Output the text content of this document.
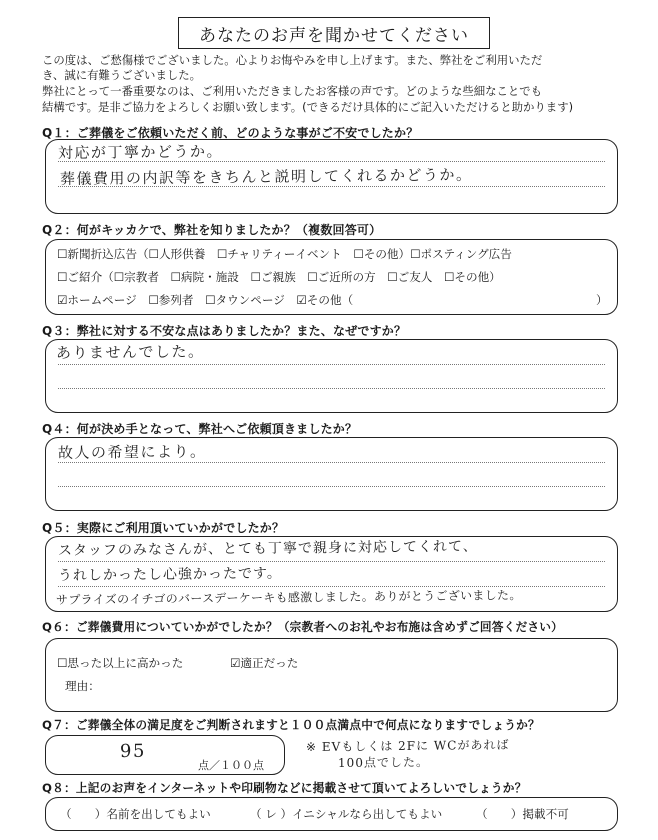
あなたのお声を聞かせてください
この度は、ご愁傷様でございました。心よりお悔やみを申し上げます。また、弊社をご利用いただ
き、誠に有難うございました。
弊社にとって一番重要なのは、ご利用いただきましたお客様の声です。どのような些細なことでも
結構です。是非ご協力をよろしくお願い致します。(できるだけ具体的にご記入いただけると助かります)
Q１：ご葬儀をご依頼いただく前、どのような事がご不安でしたか？
対応が丁寧かどうか。
葬儀費用の内訳等をきちんと説明してくれるかどうか。
Q２：何がキッカケで、弊社を知りましたか？（複数回答可）
☐新聞折込広告（☐人形供養　☐チャリティーイベント　☐その他）☐ポスティング広告
☐ご紹介（☐宗教者　☐病院・施設　☐ご親族　☐ご近所の方　☐ご友人　☐その他）
☑ホームページ　☐参列者　☐タウンページ　☑その他（	）
Q３：弊社に対する不安な点はありましたか？また、なぜですか？
ありませんでした。
Q４：何が決め手となって、弊社へご依頼頂きましたか？
故人の希望により。
Q５：実際にご利用頂いていかがでしたか？
スタッフのみなさんが、とても丁寧で親身に対応してくれて、
うれしかったし心強かったです。
サプライズのイチゴのバースデーケーキも感激しました。ありがとうございました。
Q６：ご葬儀費用についていかがでしたか？（宗教者へのお礼やお布施は含めずご回答ください）
☐思った以上に高かった	☑適正だった
理由：
Q７：ご葬儀全体の満足度をご判断されますと１００点満点中で何点になりますでしょうか？
95
点／１００点
※ EVもしくは 2Fに WCがあれば
100点でした。
Q８：上記のお声をインターネットや印刷物などに掲載させて頂いてよろしいでしょうか？
（　　）名前を出してもよい	（ レ ）イニシャルなら出してもよい	（　　）掲載不可
